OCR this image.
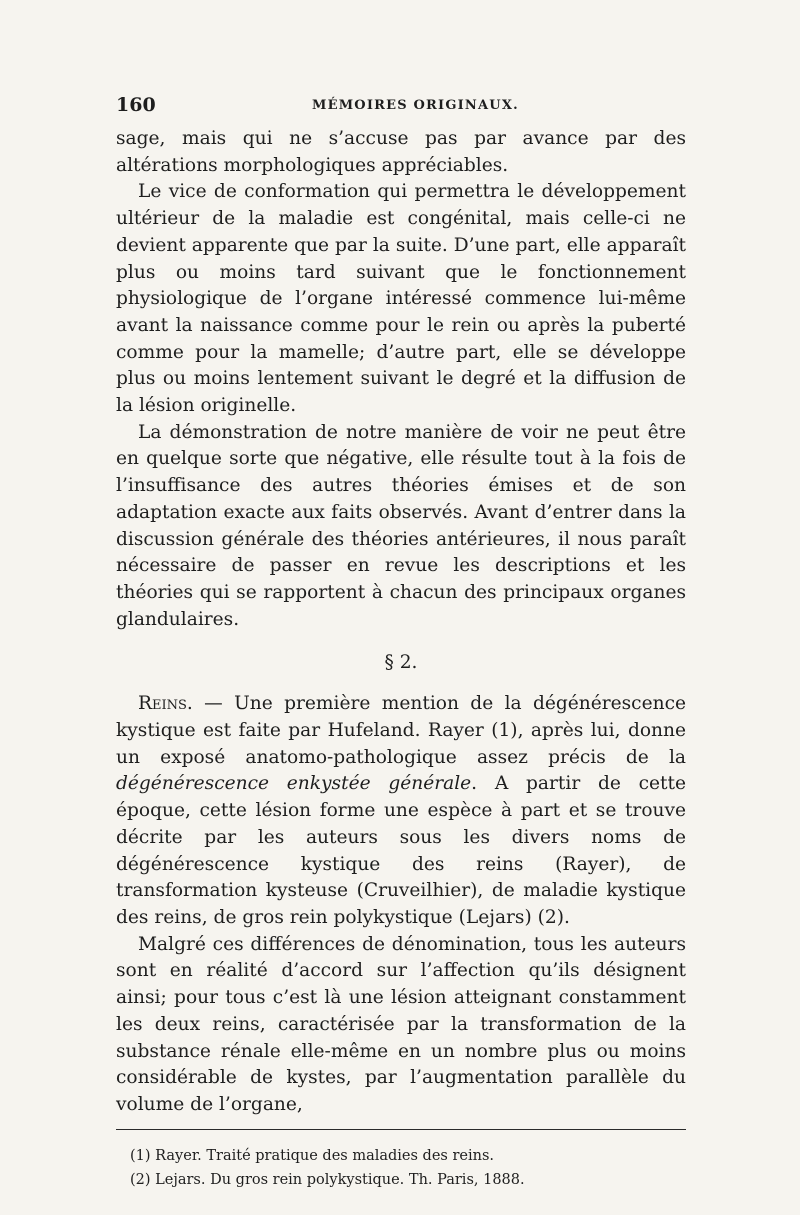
160	MÉMOIRES ORIGINAUX.

sage, mais qui ne s’accuse pas par avance par des altérations morphologiques appréciables.

Le vice de conformation qui permettra le développement ultérieur de la maladie est congénital, mais celle-ci ne devient apparente que par la suite. D’une part, elle apparaît plus ou moins tard suivant que le fonctionnement physiologique de l’organe intéressé commence lui-même avant la naissance comme pour le rein ou après la puberté comme pour la mamelle; d’autre part, elle se développe plus ou moins lentement suivant le degré et la diffusion de la lésion originelle.

La démonstration de notre manière de voir ne peut être en quelque sorte que négative, elle résulte tout à la fois de l’insuffisance des autres théories émises et de son adaptation exacte aux faits observés. Avant d’entrer dans la discussion générale des théories antérieures, il nous paraît nécessaire de passer en revue les descriptions et les théories qui se rapportent à chacun des principaux organes glandulaires.

§ 2.

Reins. — Une première mention de la dégénérescence kystique est faite par Hufeland. Rayer (1), après lui, donne un exposé anatomo-pathologique assez précis de la dégénérescence enkystée générale. A partir de cette époque, cette lésion forme une espèce à part et se trouve décrite par les auteurs sous les divers noms de dégénérescence kystique des reins (Rayer), de transformation kysteuse (Cruveilhier), de maladie kystique des reins, de gros rein polykystique (Lejars) (2).

Malgré ces différences de dénomination, tous les auteurs sont en réalité d’accord sur l’affection qu’ils désignent ainsi; pour tous c’est là une lésion atteignant constamment les deux reins, caractérisée par la transformation de la substance rénale elle-même en un nombre plus ou moins considérable de kystes, par l’augmentation parallèle du volume de l’organe,

(1) Rayer. Traité pratique des maladies des reins.
(2) Lejars. Du gros rein polykystique. Th. Paris, 1888.
